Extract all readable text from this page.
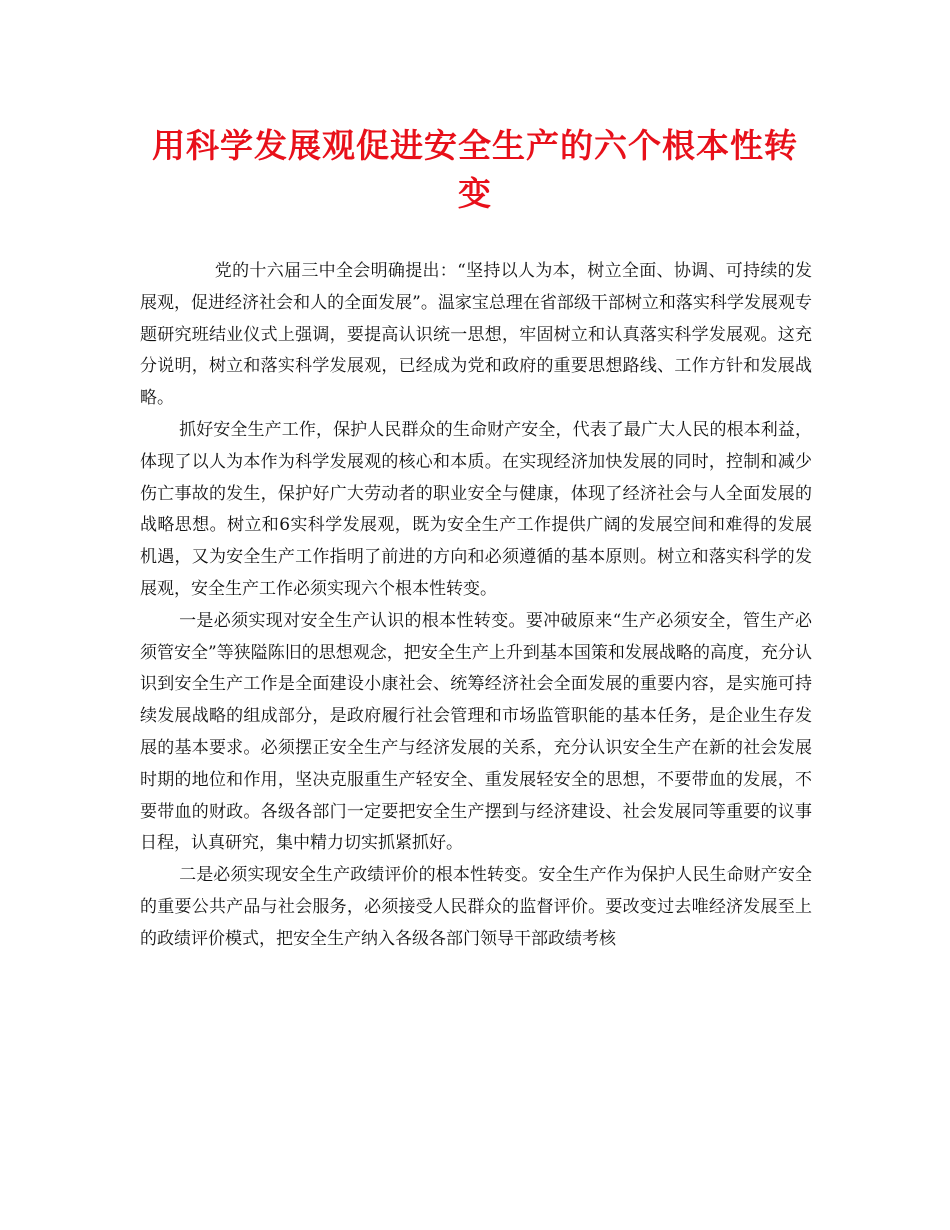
用科学发展观促进安全生产的六个根本性转变

党的十六届三中全会明确提出：“坚持以人为本，树立全面、协调、可持续的发展观，促进经济社会和人的全面发展”。温家宝总理在省部级干部树立和落实科学发展观专题研究班结业仪式上强调，要提高认识统一思想，牢固树立和认真落实科学发展观。这充分说明，树立和落实科学发展观，已经成为党和政府的重要思想路线、工作方针和发展战略。

抓好安全生产工作，保护人民群众的生命财产安全，代表了最广大人民的根本利益，体现了以人为本作为科学发展观的核心和本质。在实现经济加快发展的同时，控制和减少伤亡事故的发生，保护好广大劳动者的职业安全与健康，体现了经济社会与人全面发展的战略思想。树立和6实科学发展观，既为安全生产工作提供广阔的发展空间和难得的发展机遇，又为安全生产工作指明了前进的方向和必须遵循的基本原则。树立和落实科学的发展观，安全生产工作必须实现六个根本性转变。

一是必须实现对安全生产认识的根本性转变。要冲破原来“生产必须安全，管生产必须管安全”等狭隘陈旧的思想观念，把安全生产上升到基本国策和发展战略的高度，充分认识到安全生产工作是全面建设小康社会、统筹经济社会全面发展的重要内容，是实施可持续发展战略的组成部分，是政府履行社会管理和市场监管职能的基本任务，是企业生存发展的基本要求。必须摆正安全生产与经济发展的关系，充分认识安全生产在新的社会发展时期的地位和作用，坚决克服重生产轻安全、重发展轻安全的思想，不要带血的发展，不要带血的财政。各级各部门一定要把安全生产摆到与经济建设、社会发展同等重要的议事日程，认真研究，集中精力切实抓紧抓好。

二是必须实现安全生产政绩评价的根本性转变。安全生产作为保护人民生命财产安全的重要公共产品与社会服务，必须接受人民群众的监督评价。要改变过去唯经济发展至上的政绩评价模式，把安全生产纳入各级各部门领导干部政绩考核
